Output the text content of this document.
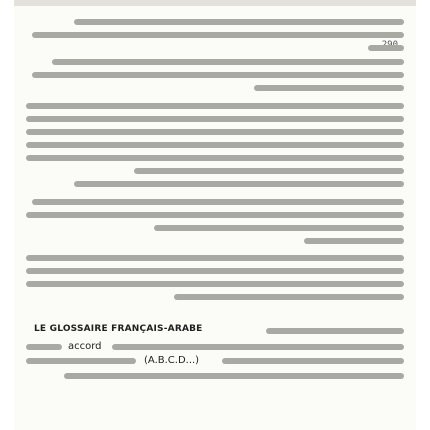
LE GLOSSAIRE FRANÇAIS-ARABE
accord
(A.B.C.D...)
